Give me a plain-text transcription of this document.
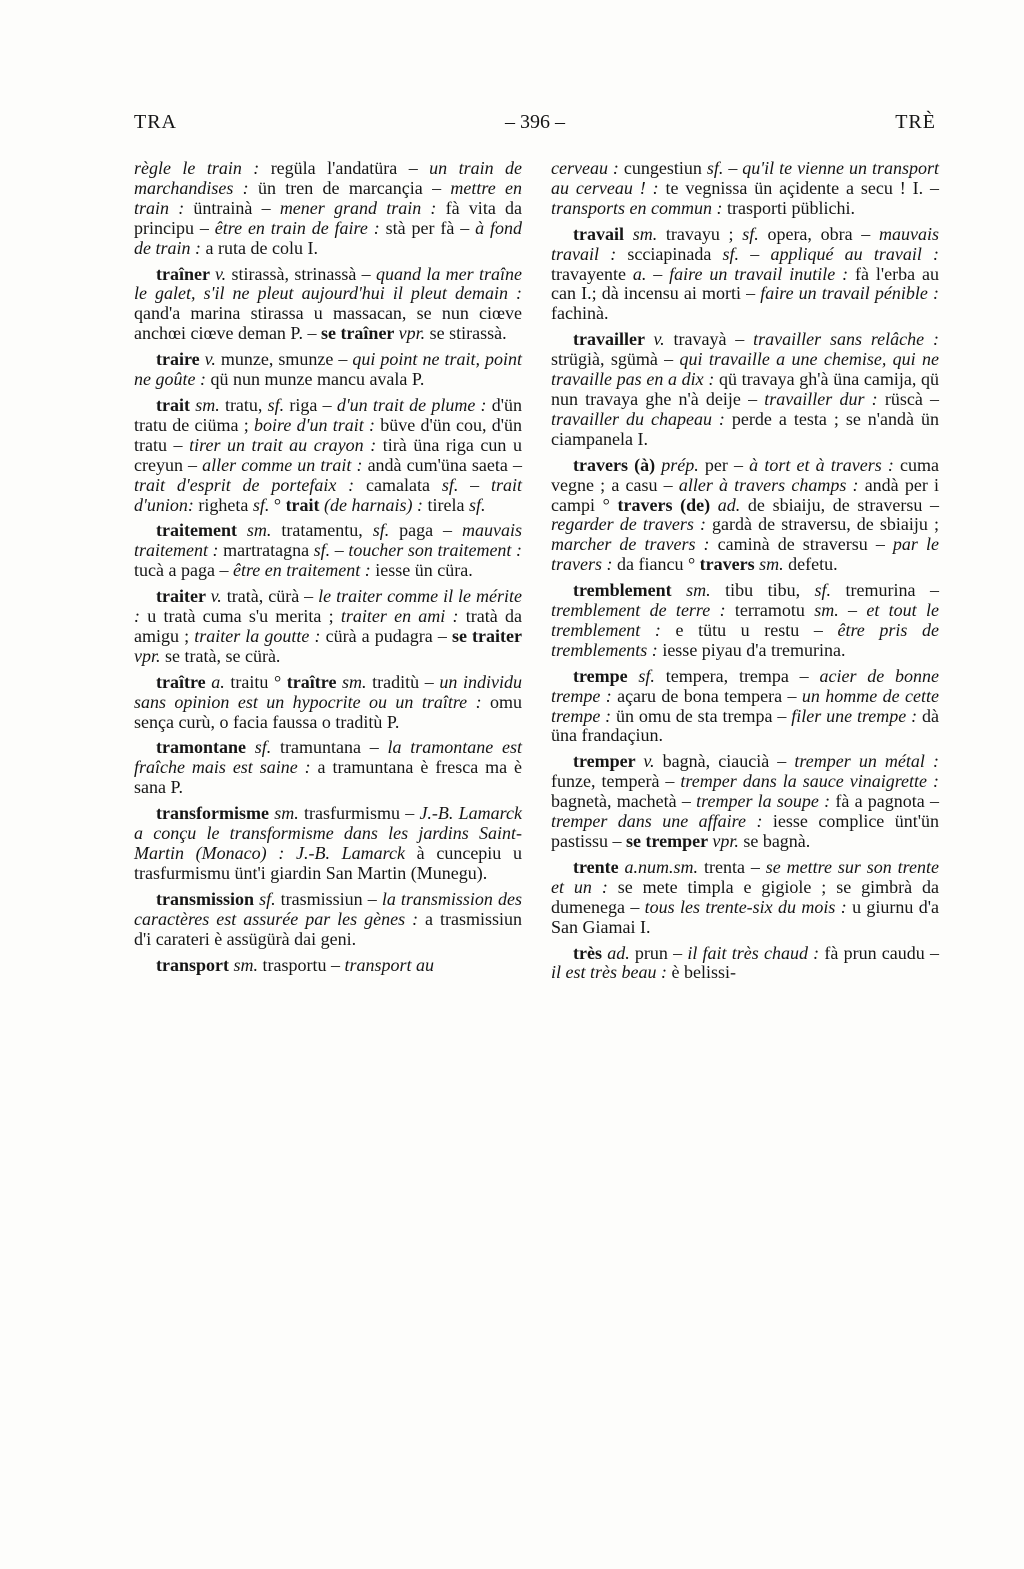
TRA	– 396 –	TRÈ

règle le train : regüla l'andatüra – un train de marchandises : ün tren de marcançia – mettre en train : üntrainà – mener grand train : fà vita da principu – être en train de faire : stà per fà – à fond de train : a ruta de colu I.

traîner v. stirassà, strinassà – quand la mer traîne le galet, s'il ne pleut aujourd'hui il pleut demain : qand'a marina stirassa u massacan, se nun ciœve anchœi ciœve deman P. – se traîner vpr. se stirassà.

traire v. munze, smunze – qui point ne trait, point ne goûte : qü nun munze mancu avala P.

trait sm. tratu, sf. riga – d'un trait de plume : d'ün tratu de ciüma ; boire d'un trait : büve d'ün cou, d'ün tratu – tirer un trait au crayon : tirà üna riga cun u creyun – aller comme un trait : andà cum'üna saeta – trait d'esprit de portefaix : camalata sf. – trait d'union: righeta sf. ° trait (de harnais) : tirela sf.

traitement sm. tratamentu, sf. paga – mauvais traitement : martratagna sf. – toucher son traitement : tucà a paga – être en traitement : iesse ün cüra.

traiter v. tratà, cürà – le traiter comme il le mérite : u tratà cuma s'u merita ; traiter en ami : tratà da amigu ; traiter la goutte : cürà a pudagra – se traiter vpr. se tratà, se cürà.

traître a. traitu ° traître sm. traditù – un individu sans opinion est un hypocrite ou un traître : omu sença curù, o facia faussa o traditù P.

tramontane sf. tramuntana – la tramontane est fraîche mais est saine : a tramuntana è fresca ma è sana P.

transformisme sm. trasfurmismu – J.-B. Lamarck a conçu le transformisme dans les jardins Saint-Martin (Monaco) : J.-B. Lamarck à cuncepiu u trasfurmismu ünt'i giardin San Martin (Munegu).

transmission sf. trasmissiun – la transmission des caractères est assurée par les gènes : a trasmissiun d'i carateri è assügürà dai geni.

transport sm. trasportu – transport au

cerveau : cungestiun sf. – qu'il te vienne un transport au cerveau ! : te vegnissa ün açidente a secu ! I. – transports en commun : trasporti püblichi.

travail sm. travayu ; sf. opera, obra – mauvais travail : scciapinada sf. – appliqué au travail : travayente a. – faire un travail inutile : fà l'erba au can I.; dà incensu ai morti – faire un travail pénible : fachinà.

travailler v. travayà – travailler sans relâche : strügià, sgümà – qui travaille a une chemise, qui ne travaille pas en a dix : qü travaya gh'à üna camija, qü nun travaya ghe n'à deije – travailler dur : rüscà – travailler du chapeau : perde a testa ; se n'andà ün ciampanela I.

travers (à) prép. per – à tort et à travers : cuma vegne ; a casu – aller à travers champs : andà per i campi ° travers (de) ad. de sbiaiju, de straversu – regarder de travers : gardà de straversu, de sbiaiju ; marcher de travers : caminà de straversu – par le travers : da fiancu ° travers sm. defetu.

tremblement sm. tibu tibu, sf. tremurina – tremblement de terre : terramotu sm. – et tout le tremblement : e tütu u restu – être pris de tremblements : iesse piyau d'a tremurina.

trempe sf. tempera, trempa – acier de bonne trempe : açaru de bona tempera – un homme de cette trempe : ün omu de sta trempa – filer une trempe : dà üna frandaçiun.

tremper v. bagnà, ciaucià – tremper un métal : funze, temperà – tremper dans la sauce vinaigrette : bagnetà, machetà – tremper la soupe : fà a pagnota – tremper dans une affaire : iesse complice ünt'ün pastissu – se tremper vpr. se bagnà.

trente a.num.sm. trenta – se mettre sur son trente et un : se mete timpla e gigiole ; se gimbrà da dumenega – tous les trente-six du mois : u giurnu d'a San Giamai I.

très ad. prun – il fait très chaud : fà prun caudu – il est très beau : è belissi-
